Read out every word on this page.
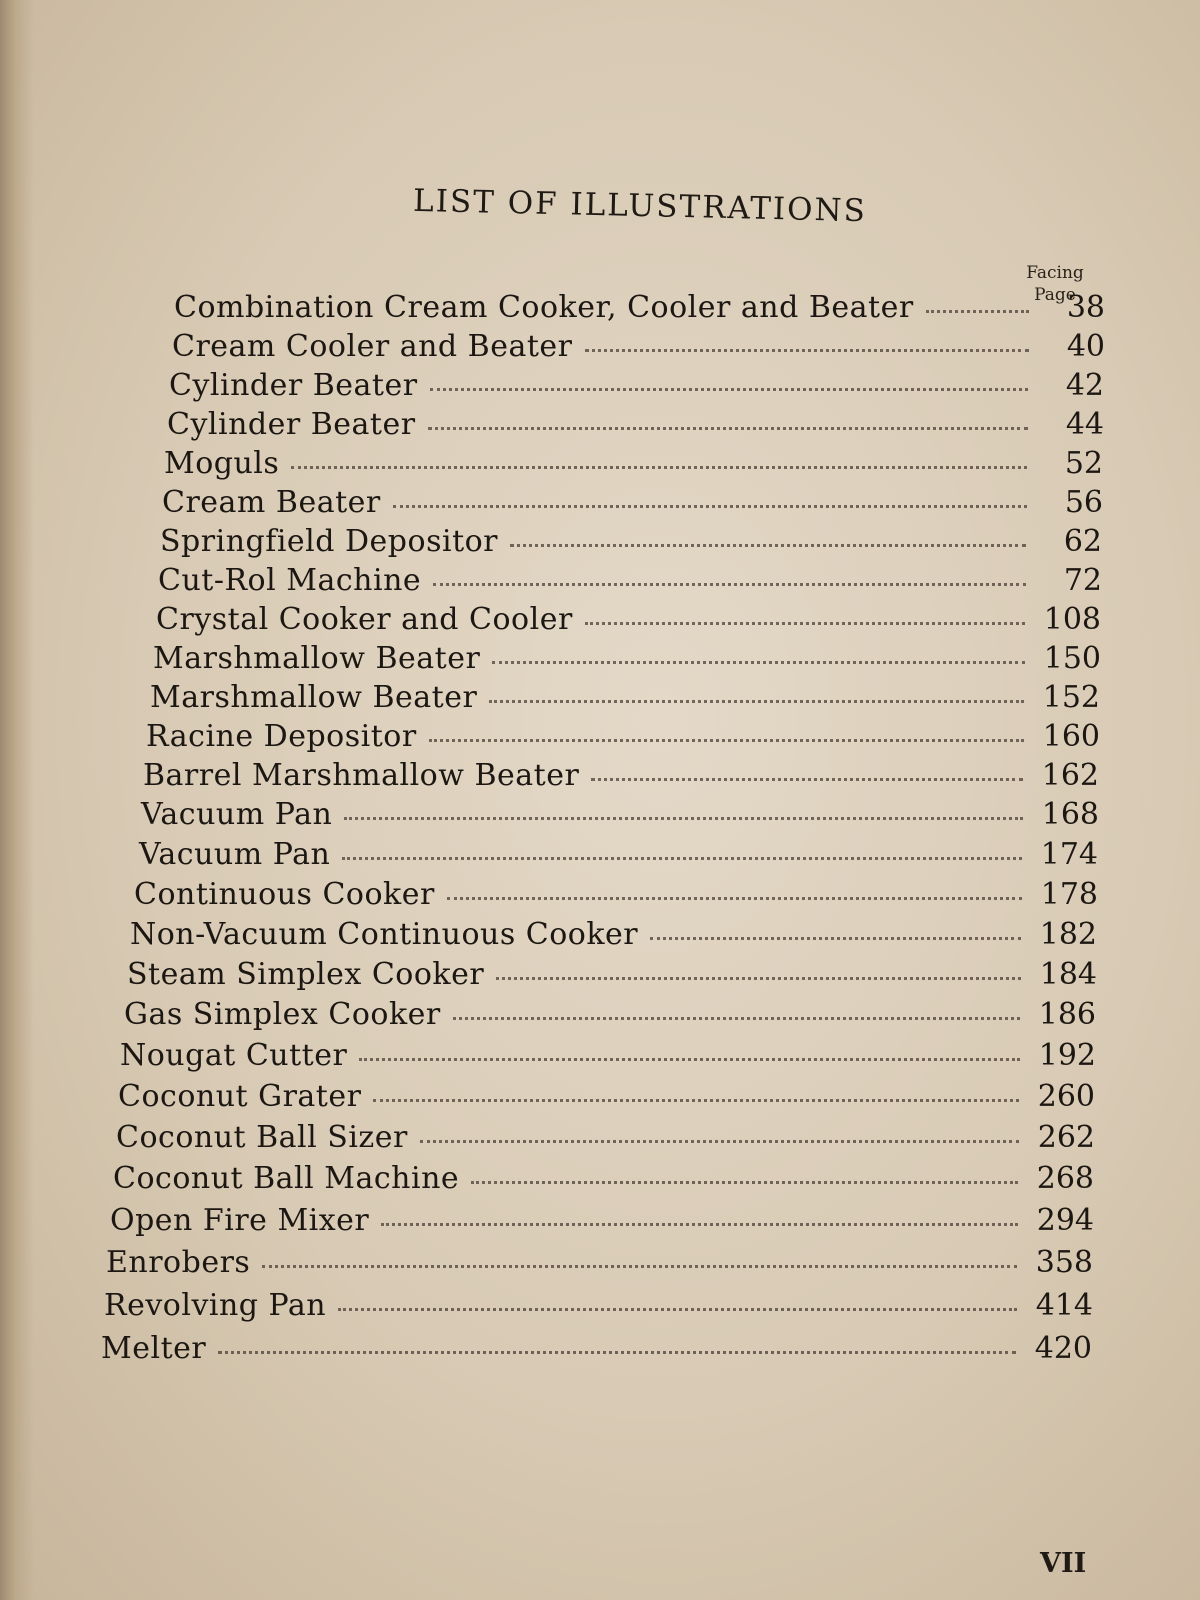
LIST OF ILLUSTRATIONS
Facing
Page
Combination Cream Cooker, Cooler and Beater	38
Cream Cooler and Beater	40
Cylinder Beater	42
Cylinder Beater	44
Moguls	52
Cream Beater	56
Springfield Depositor	62
Cut-Rol Machine	72
Crystal Cooker and Cooler	108
Marshmallow Beater	150
Marshmallow Beater	152
Racine Depositor	160
Barrel Marshmallow Beater	162
Vacuum Pan	168
Vacuum Pan	174
Continuous Cooker	178
Non-Vacuum Continuous Cooker	182
Steam Simplex Cooker	184
Gas Simplex Cooker	186
Nougat Cutter	192
Coconut Grater	260
Coconut Ball Sizer	262
Coconut Ball Machine	268
Open Fire Mixer	294
Enrobers	358
Revolving Pan	414
Melter	420
VII
